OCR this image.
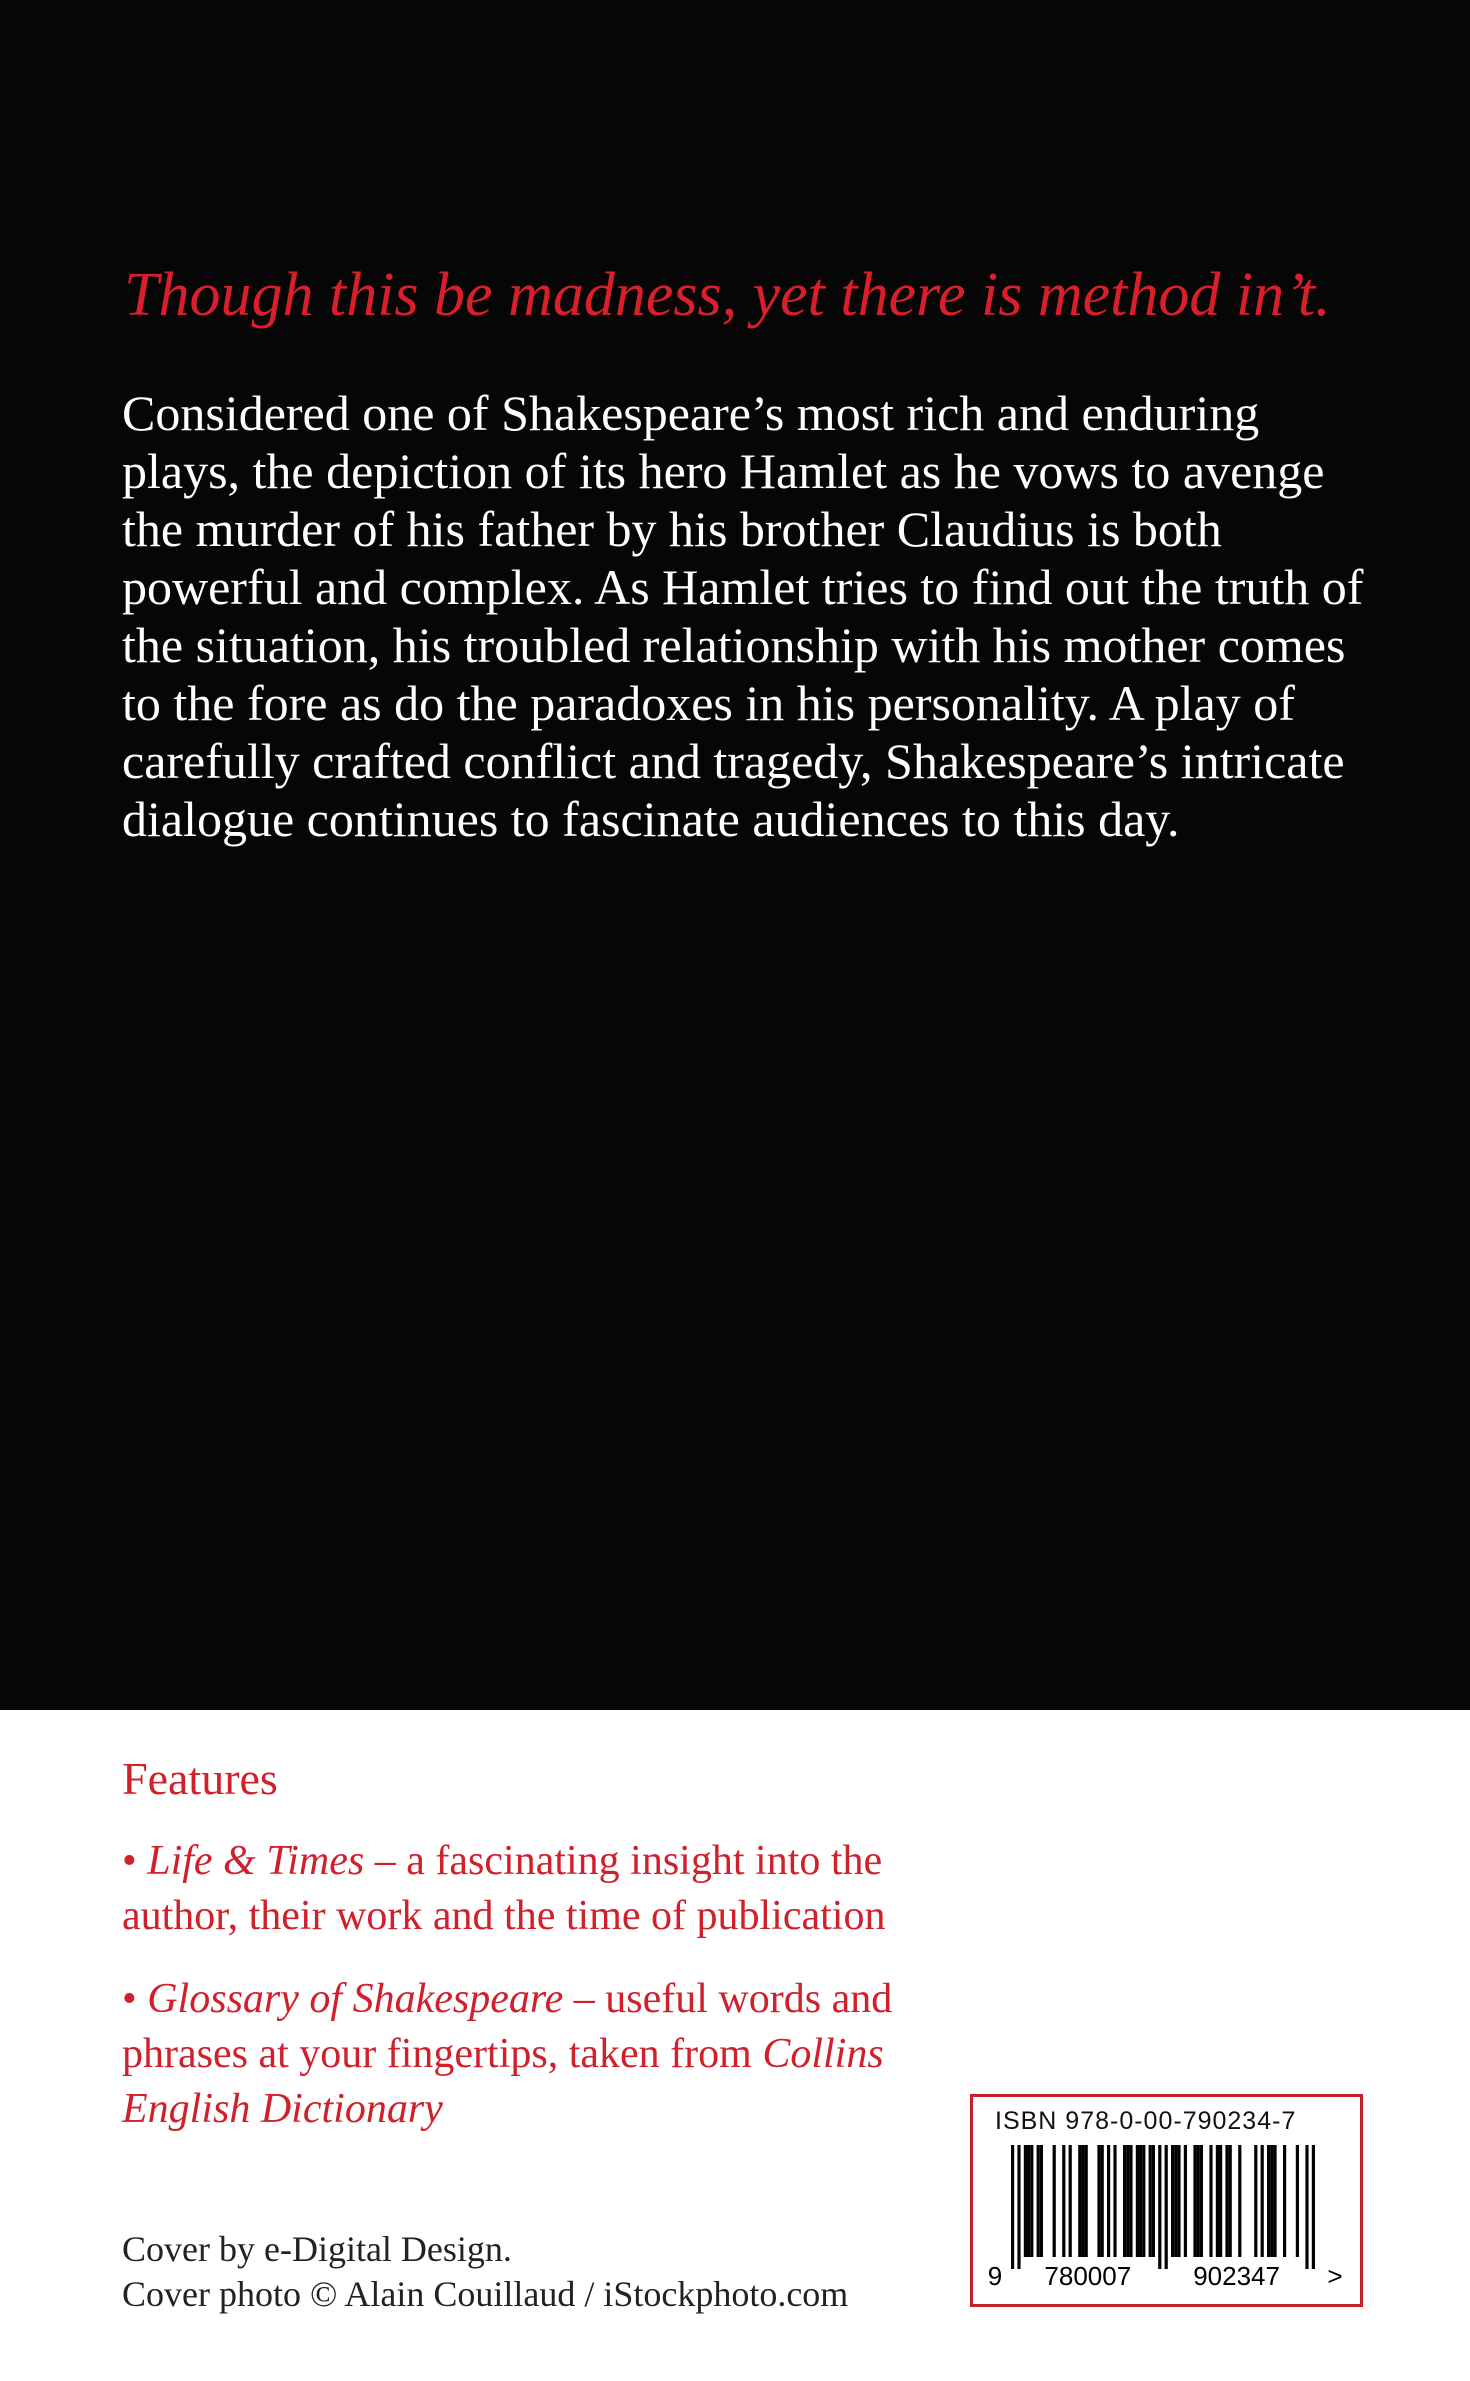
Though this be madness, yet there is method in’t.
Considered one of Shakespeare’s most rich and enduring plays, the depiction of its hero Hamlet as he vows to avenge the murder of his father by his brother Claudius is both powerful and complex. As Hamlet tries to find out the truth of the situation, his troubled relationship with his mother comes to the fore as do the paradoxes in his personality. A play of carefully crafted conflict and tragedy, Shakespeare’s intricate dialogue continues to fascinate audiences to this day.
Features
• Life & Times – a fascinating insight into the author, their work and the time of publication
• Glossary of Shakespeare – useful words and phrases at your fingertips, taken from Collins English Dictionary
Cover by e-Digital Design.
Cover photo © Alain Couillaud / iStockphoto.com
ISBN 978-0-00-790234-7
9 780007 902347 >
